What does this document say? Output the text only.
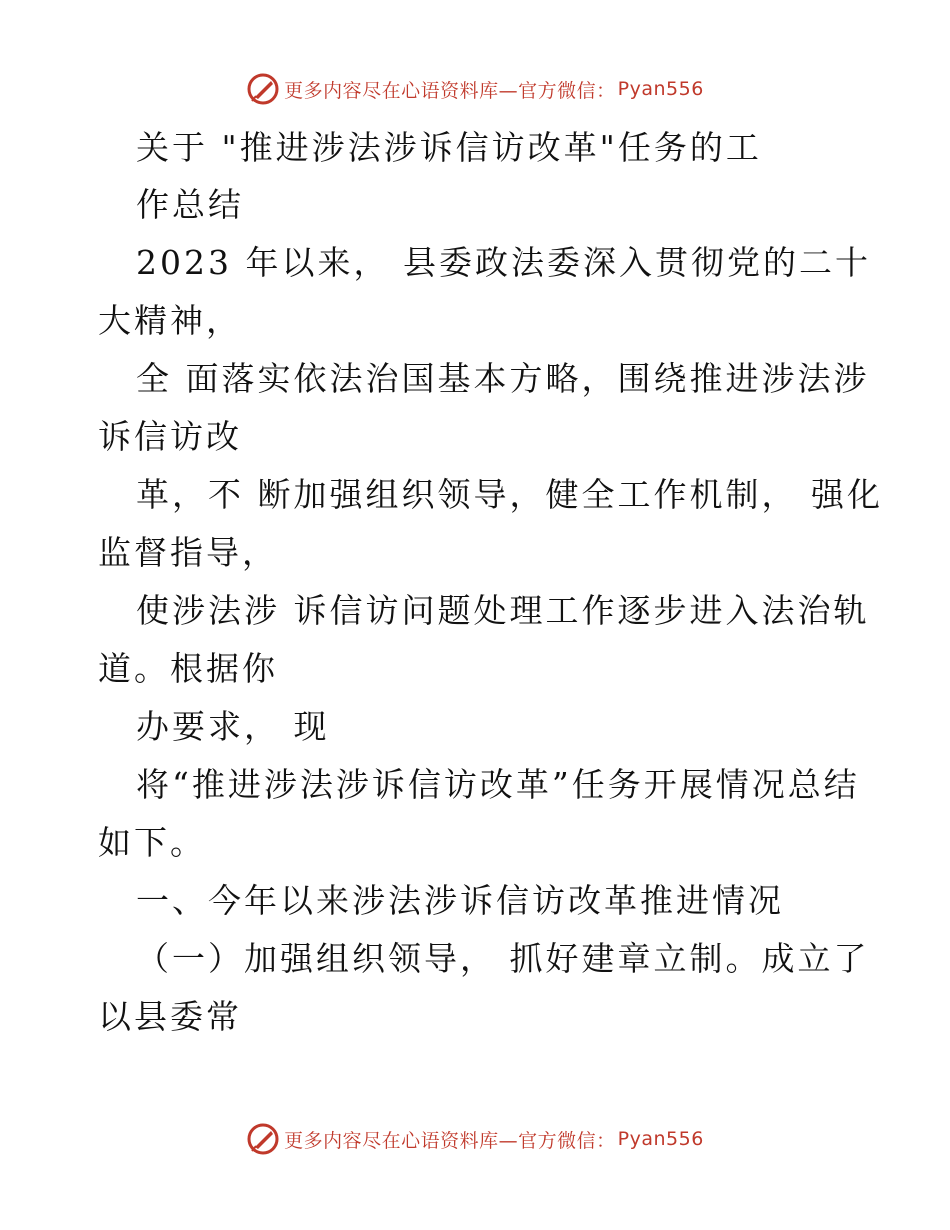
更多内容尽在心语资料库—官方微信： Pyan556
关于 "推进涉法涉诉信访改革"任务的工
作总结
2023 年以来， 县委政法委深入贯彻党的二十
大精神，
全 面落实依法治国基本方略，围绕推进涉法涉
诉信访改
革，不 断加强组织领导，健全工作机制， 强化
监督指导，
使涉法涉 诉信访问题处理工作逐步进入法治轨
道。根据你
办要求， 现
将“推进涉法涉诉信访改革”任务开展情况总结
如下。
一、今年以来涉法涉诉信访改革推进情况
（一）加强组织领导， 抓好建章立制。成立了
以县委常
更多内容尽在心语资料库—官方微信： Pyan556
